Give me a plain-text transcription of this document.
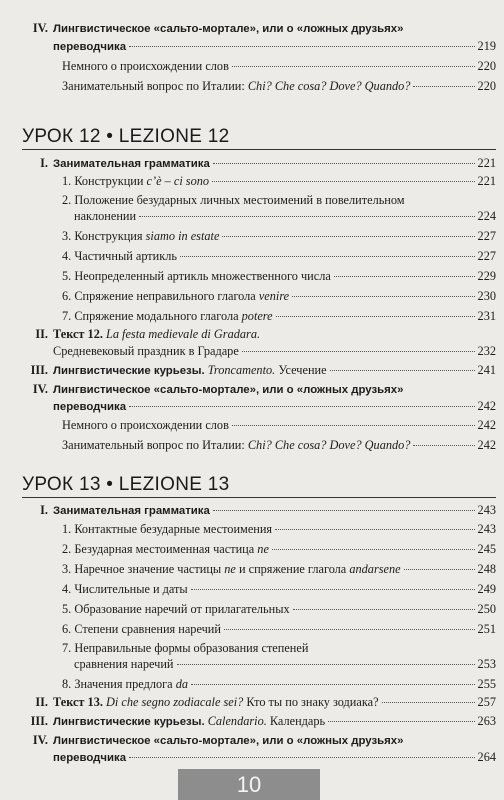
IV. Лингвистическое «сальто-мортале», или о «ложных друзьях»
переводчика	219
Немного о происхождении слов	220
Занимательный вопрос по Италии:
Chi? Che cosa? Dove? Quando?	220
УРОК 12 • LEZIONE 12
I. Занимательная грамматика	221
1.
Конструкции
c’è – ci sono	221
2. Положение безударных личных местоимений в повелительном
наклонении	224
3.
Конструкция
siamo in estate	227
4.
Частичный артикль	227
5.
Неопределенный артикль множественного числа	229
6.
Спряжение неправильного глагола
venire	230
7.
Спряжение модального глагола
potere	231
II. Текст 12. La festa medievale di Gradara.
Средневековый праздник в Градаре	232
III. Лингвистические курьезы.
Troncamento.
Усечение	241
IV. Лингвистическое «сальто-мортале», или о «ложных друзьях»
переводчика	242
Немного о происхождении слов	242
Занимательный вопрос по Италии:
Chi? Che cosa? Dove? Quando?	242
УРОК 13 • LEZIONE 13
I. Занимательная грамматика	243
1.
Контактные безударные местоимения	243
2.
Безударная местоименная частица
ne	245
3.
Наречное значение частицы
ne
и спряжение глагола
andarsene	248
4.
Числительные и даты	249
5.
Образование наречий от прилагательных	250
6.
Степени сравнения наречий	251
7. Неправильные формы образования степеней
сравнения наречий	253
8.
Значения предлога
da	255
II. Текст 13.
Di che segno zodiacale sei?
Кто ты по знаку зодиака?	257
III. Лингвистические курьезы.
Calendario.
Календарь	263
IV. Лингвистическое «сальто-мортале», или о «ложных друзьях»
переводчика	264
10
